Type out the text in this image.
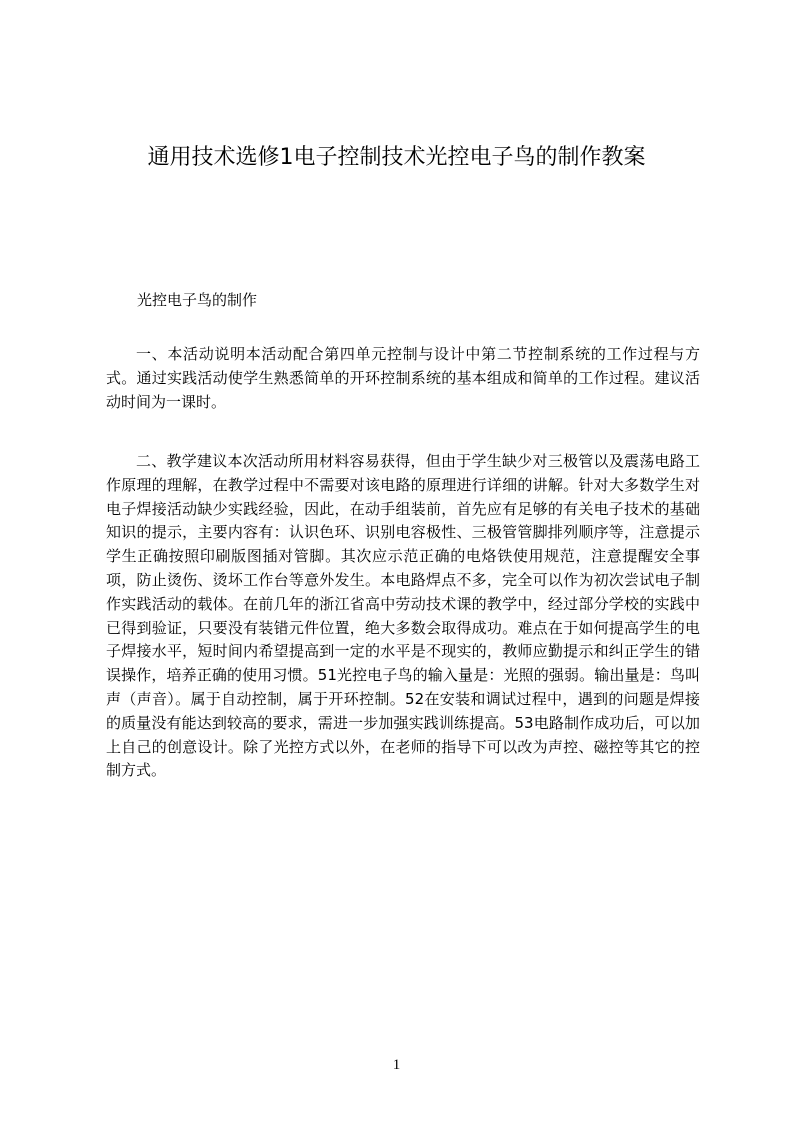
通用技术选修1电子控制技术光控电子鸟的制作教案

光控电子鸟的制作

一、本活动说明本活动配合第四单元控制与设计中第二节控制系统的工作过程与方式。通过实践活动使学生熟悉简单的开环控制系统的基本组成和简单的工作过程。建议活动时间为一课时。

二、教学建议本次活动所用材料容易获得，但由于学生缺少对三极管以及震荡电路工作原理的理解，在教学过程中不需要对该电路的原理进行详细的讲解。针对大多数学生对电子焊接活动缺少实践经验，因此，在动手组装前，首先应有足够的有关电子技术的基础知识的提示，主要内容有：认识色环、识别电容极性、三极管管脚排列顺序等，注意提示学生正确按照印刷版图插对管脚。其次应示范正确的电烙铁使用规范，注意提醒安全事项，防止烫伤、烫坏工作台等意外发生。本电路焊点不多，完全可以作为初次尝试电子制作实践活动的载体。在前几年的浙江省高中劳动技术课的教学中，经过部分学校的实践中已得到验证，只要没有装错元件位置，绝大多数会取得成功。难点在于如何提高学生的电子焊接水平，短时间内希望提高到一定的水平是不现实的，教师应勤提示和纠正学生的错误操作，培养正确的使用习惯。51光控电子鸟的输入量是：光照的强弱。输出量是：鸟叫声（声音）。属于自动控制，属于开环控制。52在安装和调试过程中，遇到的问题是焊接的质量没有能达到较高的要求，需进一步加强实践训练提高。53电路制作成功后，可以加上自己的创意设计。除了光控方式以外，在老师的指导下可以改为声控、磁控等其它的控制方式。

1
